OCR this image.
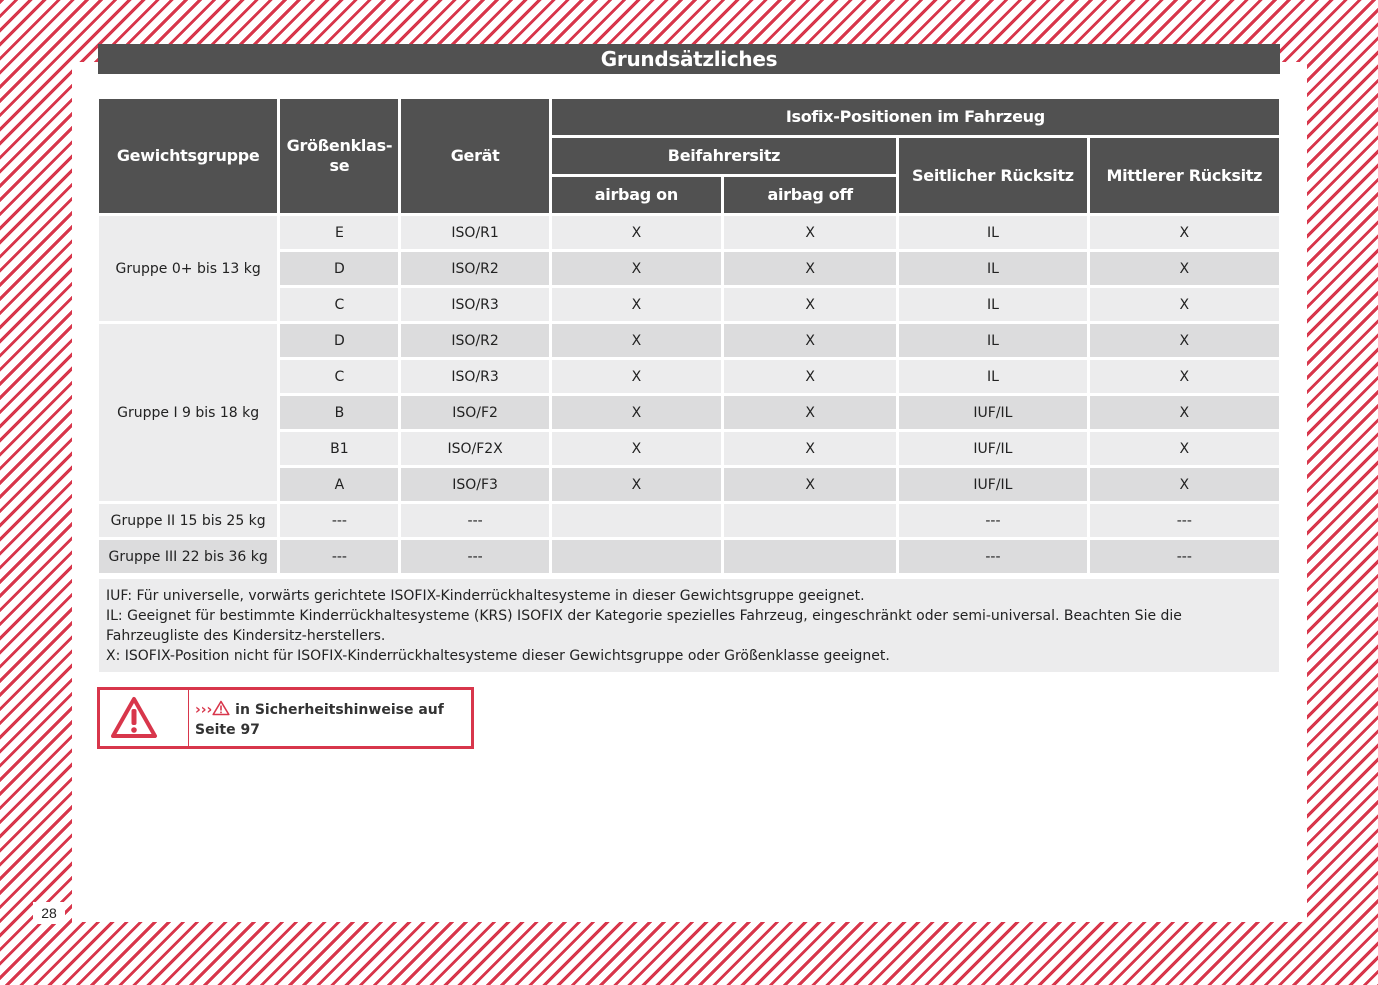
28
Grundsätzliches
Gewichtsgruppe	Größenklas-
se	Gerät	Isofix-Positionen im Fahrzeug			
			Beifahrersitz		Seitlicher Rücksitz	Mittlerer Rücksitz
			airbag on	airbag off		
Gruppe 0+ bis 13 kg	E	ISO/R1	X	X	IL	X
	D	ISO/R2	X	X	IL	X
	C	ISO/R3	X	X	IL	X
Gruppe I 9 bis 18 kg	D	ISO/R2	X	X	IL	X
	C	ISO/R3	X	X	IL	X
	B	ISO/F2	X	X	IUF/IL	X
	B1	ISO/F2X	X	X	IUF/IL	X
	A	ISO/F3	X	X	IUF/IL	X
Gruppe II 15 bis 25 kg	---	---			---	---
Gruppe III 22 bis 36 kg	---	---			---	---
IUF: Für universelle, vorwärts gerichtete ISOFIX-Kinderrückhaltesysteme in dieser Gewichtsgruppe geeignet.
IL: Geeignet für bestimmte Kinderrückhaltesysteme (KRS) ISOFIX der Kategorie spezielles Fahrzeug, eingeschränkt oder semi-universal. Beachten Sie die Fahrzeugliste des Kindersitz-herstellers.
X: ISOFIX-Position nicht für ISOFIX-Kinderrückhaltesysteme dieser Gewichtsgruppe oder Größenklasse geeignet.
››› in Sicherheitshinweise auf
Seite 97
